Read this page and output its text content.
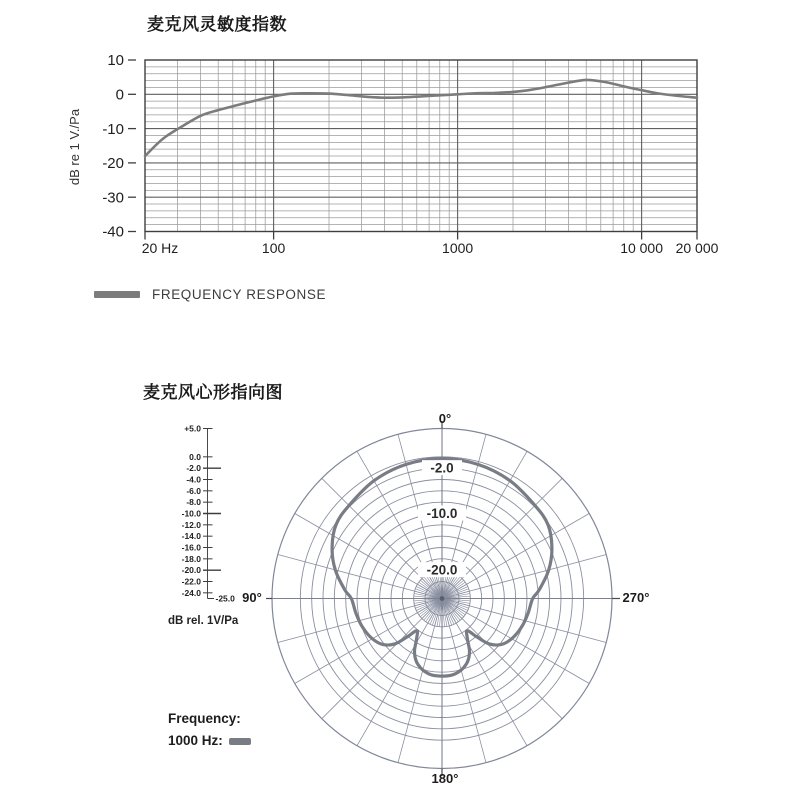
麦克风灵敏度指数
10
0
-10
-20
-30
-40
20 Hz	100	1000	10 000 20 000
dB re 1 V./Pa
FREQUENCY RESPONSE
麦克风心形指向图
-2.0
-10.0
-20.0
0°
90°
180°
270°
+5.0
0.0
-2.0
-4.0
-6.0
-8.0
-10.0
-12.0
-14.0
-16.0
-18.0
-20.0
-22.0
-24.0
-25.0
dB rel. 1V/Pa
Frequency:
1000 Hz:
